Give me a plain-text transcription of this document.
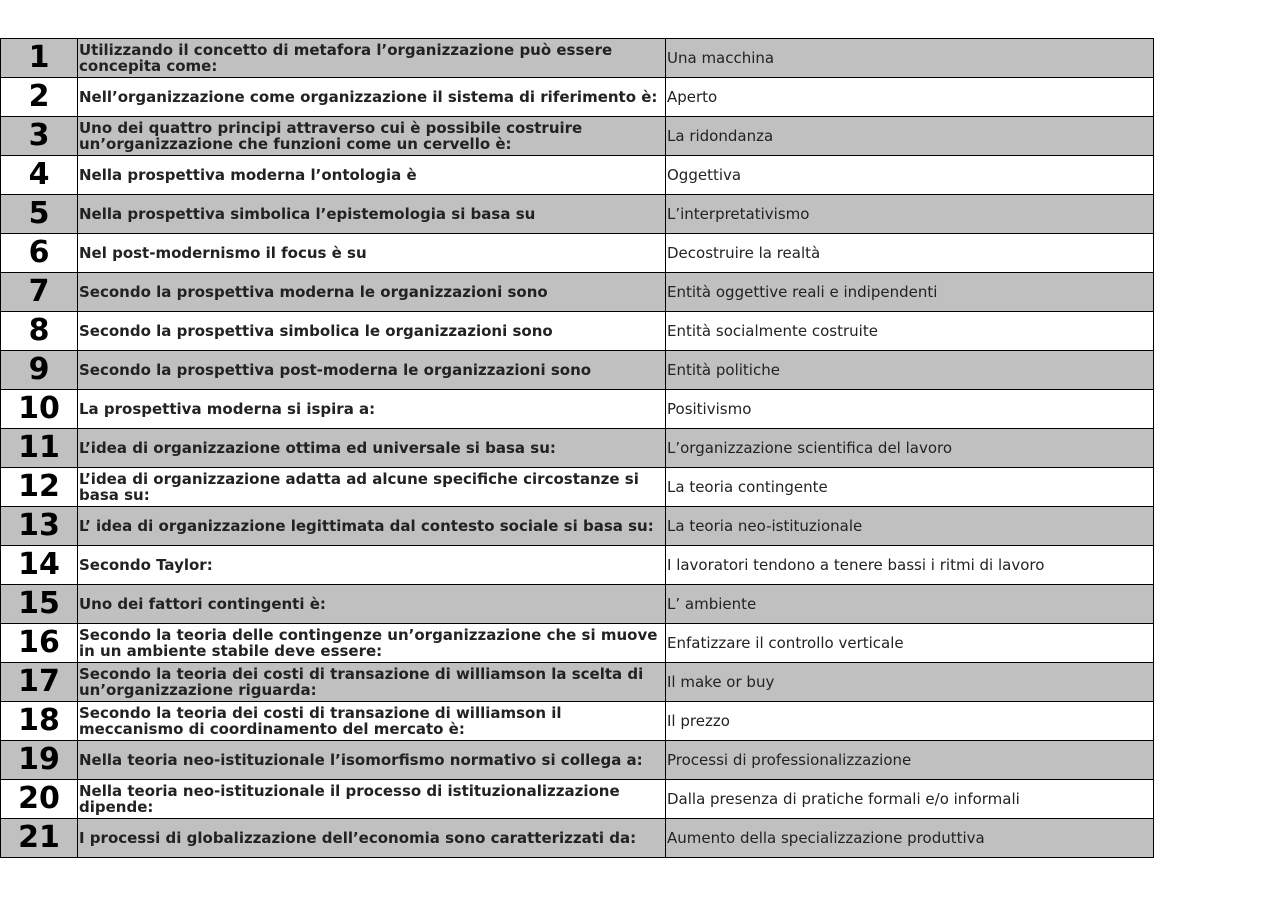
1	Utilizzando il concetto di metafora l’organizzazione può essere concepita come:	Una macchina
2	Nell’organizzazione come organizzazione il sistema di riferimento è:	Aperto
3	Uno dei quattro principi attraverso cui è possibile costruire un’organizzazione che funzioni come un cervello è:	La ridondanza
4	Nella prospettiva moderna l’ontologia è	Oggettiva
5	Nella prospettiva simbolica l’epistemologia si basa su	L’interpretativismo
6	Nel post-modernismo il focus è su	Decostruire la realtà
7	Secondo la prospettiva moderna le organizzazioni sono	Entità oggettive reali e indipendenti
8	Secondo la prospettiva simbolica le organizzazioni sono	Entità socialmente costruite
9	Secondo la prospettiva post-moderna le organizzazioni sono	Entità politiche
10	La prospettiva moderna si ispira a:	Positivismo
11	L’idea di organizzazione ottima ed universale si basa su:	L’organizzazione scientifica del lavoro
12	L’idea di organizzazione adatta ad alcune specifiche circostanze si basa su:	La teoria contingente
13	L’ idea di organizzazione legittimata dal contesto sociale si basa su:	La teoria neo-istituzionale
14	Secondo Taylor:	I lavoratori tendono a tenere bassi i ritmi di lavoro
15	Uno dei fattori contingenti è:	L’ ambiente
16	Secondo la teoria delle contingenze un’organizzazione che si muove in un ambiente stabile deve essere:	Enfatizzare il controllo verticale
17	Secondo la teoria dei costi di transazione di williamson la scelta di un’organizzazione riguarda:	Il make or buy
18	Secondo la teoria dei costi di transazione di williamson il meccanismo di coordinamento del mercato è:	Il prezzo
19	Nella teoria neo-istituzionale l’isomorfismo normativo si collega a:	Processi di professionalizzazione
20	Nella teoria neo-istituzionale il processo di istituzionalizzazione dipende:	Dalla presenza di pratiche formali e/o informali
21	I processi di globalizzazione dell’economia sono caratterizzati da:	Aumento della specializzazione produttiva
